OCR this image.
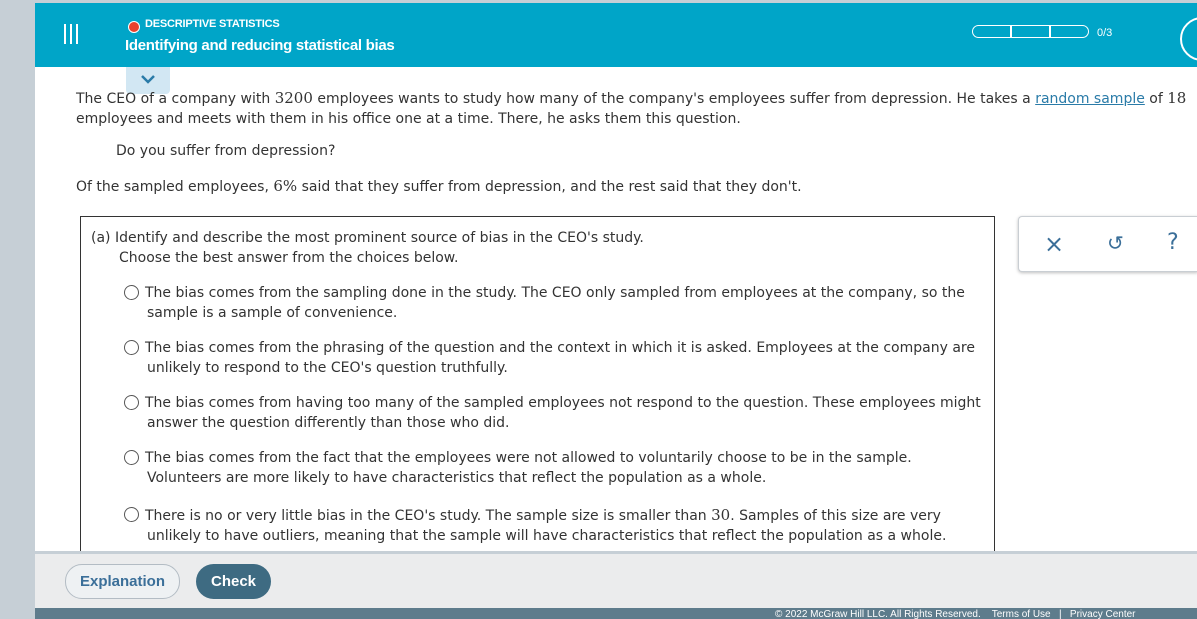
DESCRIPTIVE STATISTICS
Identifying and reducing statistical bias
0/3

The CEO of a company with 3200 employees wants to study how many of the company's employees suffer from depression. He takes a random sample of 18 employees and meets with them in his office one at a time. There, he asks them this question.

Do you suffer from depression?
Of the sampled employees, 6% said that they suffer from depression, and the rest said that they don't.
(a) Identify and describe the most prominent source of bias in the CEO's study.
Choose the best answer from the choices below.
The bias comes from the sampling done in the study. The CEO only sampled from employees at the company, so the
sample is a sample of convenience.
The bias comes from the phrasing of the question and the context in which it is asked. Employees at the company are
unlikely to respond to the CEO's question truthfully.
The bias comes from having too many of the sampled employees not respond to the question. These employees might
answer the question differently than those who did.
The bias comes from the fact that the employees were not allowed to voluntarily choose to be in the sample.
Volunteers are more likely to have characteristics that reflect the population as a whole.
There is no or very little bias in the CEO's study. The sample size is smaller than 30. Samples of this size are very
unlikely to have outliers, meaning that the sample will have characteristics that reflect the population as a whole.
× ↺ ?
Explanation	Check
© 2022 McGraw Hill LLC. All Rights Reserved. Terms of Use | Privacy Center
